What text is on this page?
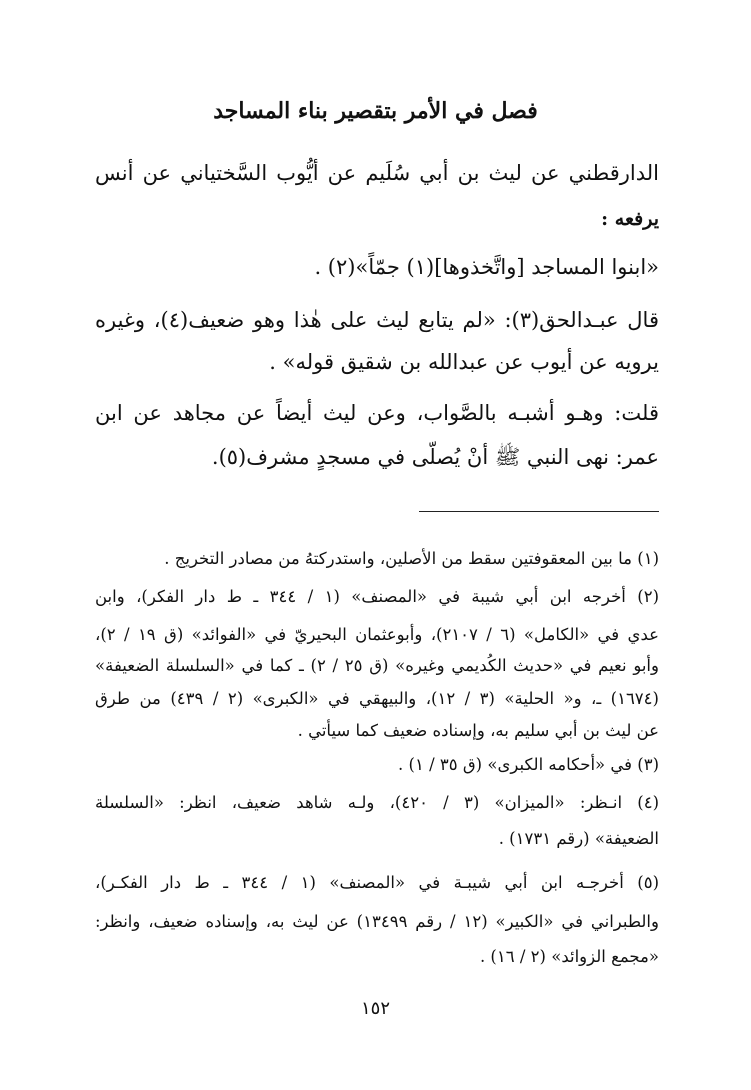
فصل في الأمر بتقصير بناء المساجد
الدارقطني عن ليث بن أبي سُلَيم عن أيُّوب السَّختياني عن أنس
يرفعه :
«ابنوا المساجد [واتَّخذوها](١) جمّاً»(٢) .
قال عبـدالحق(٣): «لم يتابع ليث على هٰذا وهو ضعيف(٤)، وغيره
يرويه عن أيوب عن عبدالله بن شقيق قوله» .
قلت: وهـو أشبـه بالصَّواب، وعن ليث أيضاً عن مجاهد عن ابن
عمر: نهى النبي ﷺ أنْ يُصلّى في مسجدٍ مشرف(٥).
(١) ما بين المعقوفتين سقط من الأصلين، واستدركتهُ من مصادر التخريج .
(٢) أخرجه ابن أبي شيبة في «المصنف» (١ / ٣٤٤ ـ ط دار الفكر)، وابن
عدي في «الكامل» (٦ / ٢١٠٧)، وأبوعثمان البحيريّ في «الفوائد» (ق ١٩ / ٢)،
وأبو نعيم في «حديث الكُديمي وغيره» (ق ٢٥ / ٢) ـ كما في «السلسلة الضعيفة»
(١٦٧٤) ـ، و« الحلية» (٣ / ١٢)، والبيهقي في «الكبرى» (٢ / ٤٣٩) من طرق
عن ليث بن أبي سليم به، وإسناده ضعيف كما سيأتي .
(٣) في «أحكامه الكبرى» (ق ٣٥ / ١) .
(٤) انـظر: «الميزان» (٣ / ٤٢٠)، ولـه شاهد ضعيف، انظر: «السلسلة
الضعيفة» (رقم ١٧٣١) .
(٥) أخرجـه ابن أبي شيبـة في «المصنف» (١ / ٣٤٤ ـ ط دار الفكـر)،
والطبراني في «الكبير» (١٢ / رقم ١٣٤٩٩) عن ليث به، وإسناده ضعيف، وانظر:
«مجمع الزوائد» (٢ / ١٦) .
١٥٢
